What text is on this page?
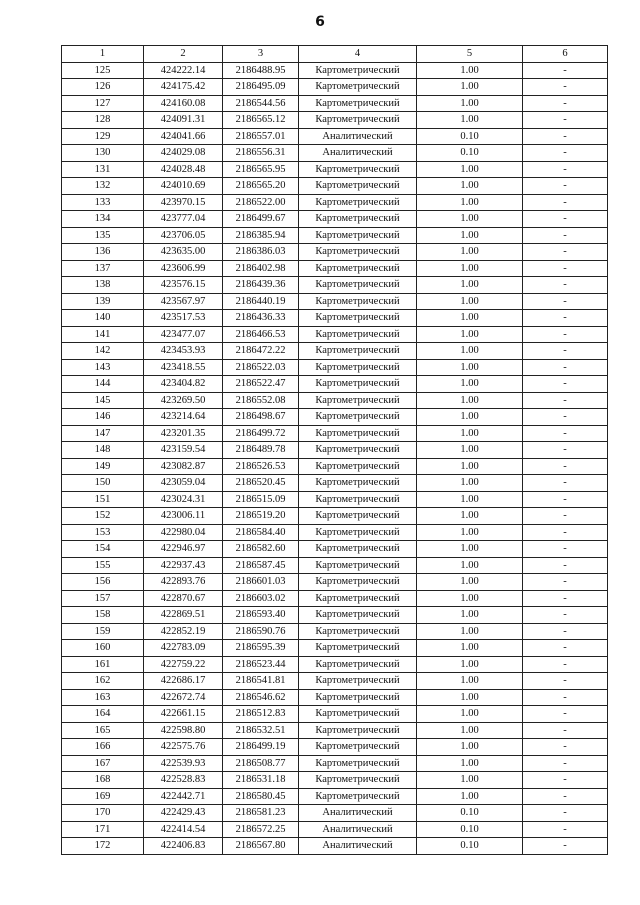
6
1	2	3	4	5	6
125	424222.14	2186488.95	Картометрический	1.00	-
126	424175.42	2186495.09	Картометрический	1.00	-
127	424160.08	2186544.56	Картометрический	1.00	-
128	424091.31	2186565.12	Картометрический	1.00	-
129	424041.66	2186557.01	Аналитический	0.10	-
130	424029.08	2186556.31	Аналитический	0.10	-
131	424028.48	2186565.95	Картометрический	1.00	-
132	424010.69	2186565.20	Картометрический	1.00	-
133	423970.15	2186522.00	Картометрический	1.00	-
134	423777.04	2186499.67	Картометрический	1.00	-
135	423706.05	2186385.94	Картометрический	1.00	-
136	423635.00	2186386.03	Картометрический	1.00	-
137	423606.99	2186402.98	Картометрический	1.00	-
138	423576.15	2186439.36	Картометрический	1.00	-
139	423567.97	2186440.19	Картометрический	1.00	-
140	423517.53	2186436.33	Картометрический	1.00	-
141	423477.07	2186466.53	Картометрический	1.00	-
142	423453.93	2186472.22	Картометрический	1.00	-
143	423418.55	2186522.03	Картометрический	1.00	-
144	423404.82	2186522.47	Картометрический	1.00	-
145	423269.50	2186552.08	Картометрический	1.00	-
146	423214.64	2186498.67	Картометрический	1.00	-
147	423201.35	2186499.72	Картометрический	1.00	-
148	423159.54	2186489.78	Картометрический	1.00	-
149	423082.87	2186526.53	Картометрический	1.00	-
150	423059.04	2186520.45	Картометрический	1.00	-
151	423024.31	2186515.09	Картометрический	1.00	-
152	423006.11	2186519.20	Картометрический	1.00	-
153	422980.04	2186584.40	Картометрический	1.00	-
154	422946.97	2186582.60	Картометрический	1.00	-
155	422937.43	2186587.45	Картометрический	1.00	-
156	422893.76	2186601.03	Картометрический	1.00	-
157	422870.67	2186603.02	Картометрический	1.00	-
158	422869.51	2186593.40	Картометрический	1.00	-
159	422852.19	2186590.76	Картометрический	1.00	-
160	422783.09	2186595.39	Картометрический	1.00	-
161	422759.22	2186523.44	Картометрический	1.00	-
162	422686.17	2186541.81	Картометрический	1.00	-
163	422672.74	2186546.62	Картометрический	1.00	-
164	422661.15	2186512.83	Картометрический	1.00	-
165	422598.80	2186532.51	Картометрический	1.00	-
166	422575.76	2186499.19	Картометрический	1.00	-
167	422539.93	2186508.77	Картометрический	1.00	-
168	422528.83	2186531.18	Картометрический	1.00	-
169	422442.71	2186580.45	Картометрический	1.00	-
170	422429.43	2186581.23	Аналитический	0.10	-
171	422414.54	2186572.25	Аналитический	0.10	-
172	422406.83	2186567.80	Аналитический	0.10	-
